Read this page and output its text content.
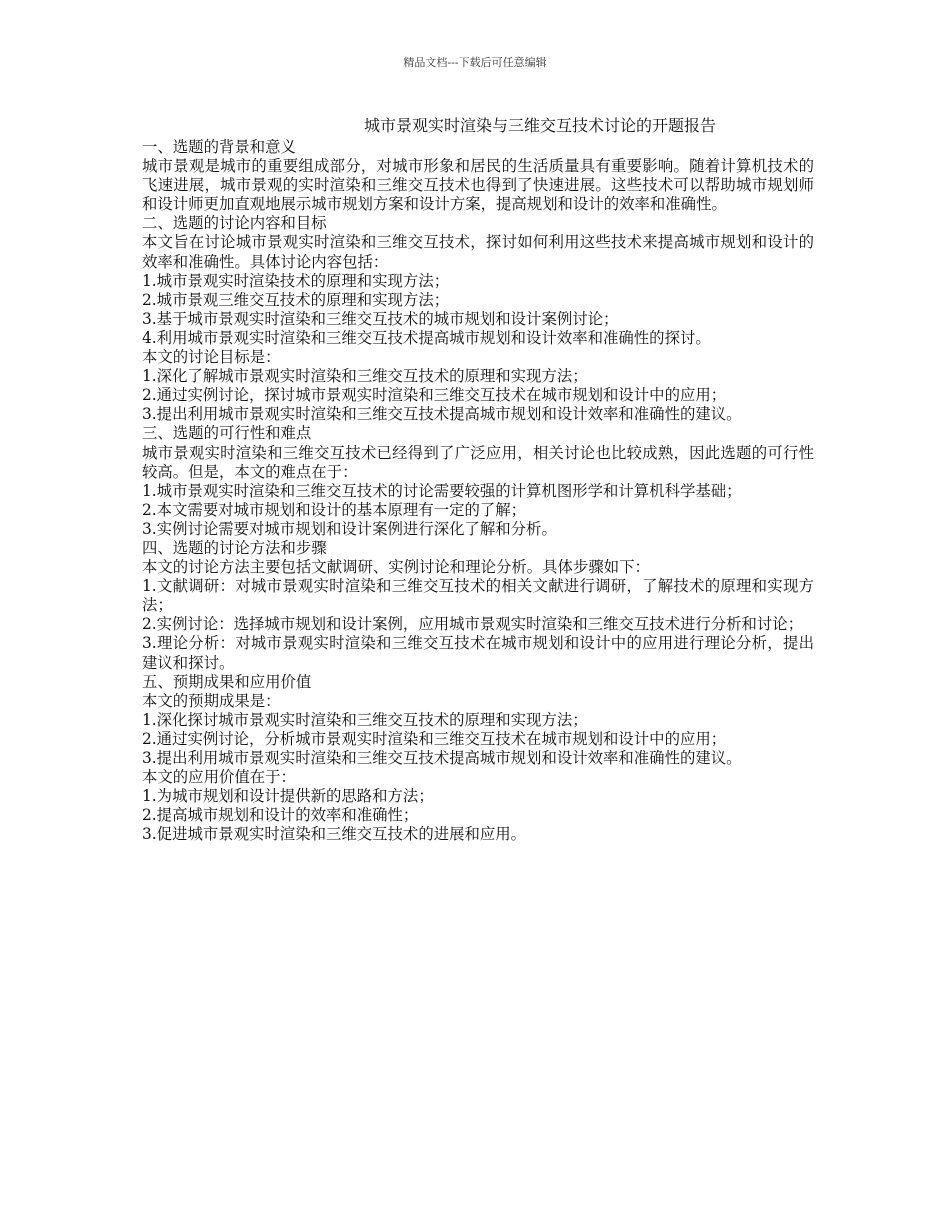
精品文档---下载后可任意编辑
城市景观实时渲染与三维交互技术讨论的开题报告

一、选题的背景和意义

城市景观是城市的重要组成部分，对城市形象和居民的生活质量具有重要影响。随着计算机技术的飞速进展，城市景观的实时渲染和三维交互技术也得到了快速进展。这些技术可以帮助城市规划师和设计师更加直观地展示城市规划方案和设计方案，提高规划和设计的效率和准确性。

二、选题的讨论内容和目标

本文旨在讨论城市景观实时渲染和三维交互技术，探讨如何利用这些技术来提高城市规划和设计的效率和准确性。具体讨论内容包括：

1.城市景观实时渲染技术的原理和实现方法；

2.城市景观三维交互技术的原理和实现方法；

3.基于城市景观实时渲染和三维交互技术的城市规划和设计案例讨论；

4.利用城市景观实时渲染和三维交互技术提高城市规划和设计效率和准确性的探讨。

本文的讨论目标是：

1.深化了解城市景观实时渲染和三维交互技术的原理和实现方法；

2.通过实例讨论，探讨城市景观实时渲染和三维交互技术在城市规划和设计中的应用；

3.提出利用城市景观实时渲染和三维交互技术提高城市规划和设计效率和准确性的建议。

三、选题的可行性和难点

城市景观实时渲染和三维交互技术已经得到了广泛应用，相关讨论也比较成熟，因此选题的可行性较高。但是，本文的难点在于：

1.城市景观实时渲染和三维交互技术的讨论需要较强的计算机图形学和计算机科学基础；

2.本文需要对城市规划和设计的基本原理有一定的了解；

3.实例讨论需要对城市规划和设计案例进行深化了解和分析。

四、选题的讨论方法和步骤

本文的讨论方法主要包括文献调研、实例讨论和理论分析。具体步骤如下：

1.文献调研：对城市景观实时渲染和三维交互技术的相关文献进行调研，了解技术的原理和实现方法；

2.实例讨论：选择城市规划和设计案例，应用城市景观实时渲染和三维交互技术进行分析和讨论；

3.理论分析：对城市景观实时渲染和三维交互技术在城市规划和设计中的应用进行理论分析，提出建议和探讨。

五、预期成果和应用价值

本文的预期成果是：

1.深化探讨城市景观实时渲染和三维交互技术的原理和实现方法；

2.通过实例讨论，分析城市景观实时渲染和三维交互技术在城市规划和设计中的应用；

3.提出利用城市景观实时渲染和三维交互技术提高城市规划和设计效率和准确性的建议。

本文的应用价值在于：

1.为城市规划和设计提供新的思路和方法；

2.提高城市规划和设计的效率和准确性；

3.促进城市景观实时渲染和三维交互技术的进展和应用。
